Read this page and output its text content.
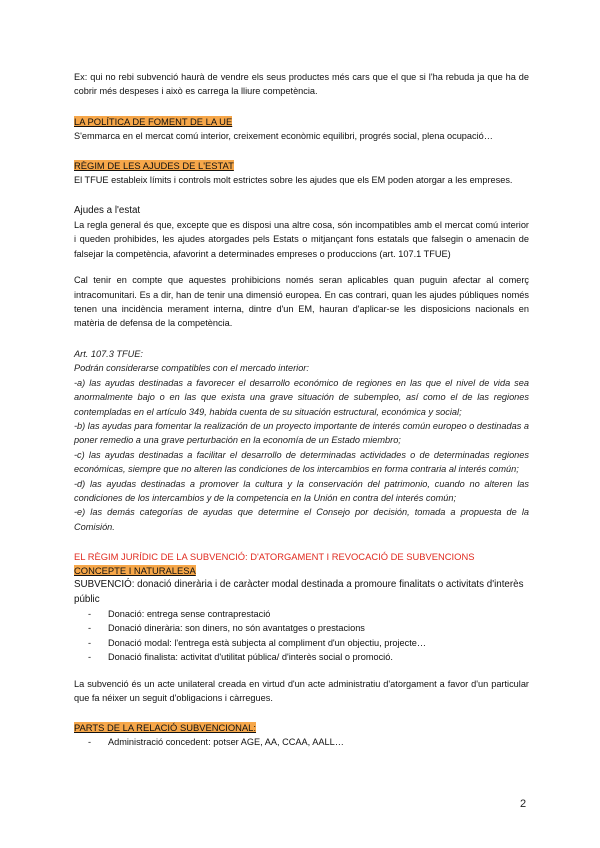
Ex: qui no rebi subvenció haurà de vendre els seus productes més cars que el que si l'ha rebuda ja que ha de cobrir més despeses i això es carrega la lliure competència.

LA POLÍTICA DE FOMENT DE LA UE

S'emmarca en el mercat comú interior, creixement econòmic equilibri, progrés social, plena ocupació…

RÈGIM DE LES AJUDES DE L'ESTAT

El TFUE estableix límits i controls molt estrictes sobre les ajudes que els EM poden atorgar a les empreses.

Ajudes a l'estat

La regla general és que, excepte que es disposi una altre cosa, són incompatibles amb el mercat comú interior i queden prohibides, les ajudes atorgades pels Estats o mitjançant fons estatals que falsegin o amenacin de falsejar la competència, afavorint a determinades empreses o produccions (art. 107.1 TFUE)

Cal tenir en compte que aquestes prohibicions només seran aplicables quan puguin afectar al comerç intracomunitari. Es a dir, han de tenir una dimensió europea. En cas contrari, quan les ajudes públiques només tenen una incidència merament interna, dintre d'un EM, hauran d'aplicar-se les disposicions nacionals en matèria de defensa de la competència.

Art. 107.3 TFUE:

Podrán considerarse compatibles con el mercado interior:

-a) las ayudas destinadas a favorecer el desarrollo económico de regiones en las que el nivel de vida sea anormalmente bajo o en las que exista una grave situación de subempleo, así como el de las regiones contempladas en el artículo 349, habida cuenta de su situación estructural, económica y social;

-b) las ayudas para fomentar la realización de un proyecto importante de interés común europeo o destinadas a poner remedio a una grave perturbación en la economía de un Estado miembro;

-c) las ayudas destinadas a facilitar el desarrollo de determinadas actividades o de determinadas regiones económicas, siempre que no alteren las condiciones de los intercambios en forma contraria al interés común;

-d) las ayudas destinadas a promover la cultura y la conservación del patrimonio, cuando no alteren las condiciones de los intercambios y de la competencia en la Unión en contra del interés común;

-e) las demás categorías de ayudas que determine el Consejo por decisión, tomada a propuesta de la Comisión.

EL RÈGIM JURÍDIC DE LA SUBVENCIÓ: D'ATORGAMENT I REVOCACIÓ DE SUBVENCIONS

CONCEPTE I NATURALESA

SUBVENCIÓ: donació dinerària i de caràcter modal destinada a promoure finalitats o activitats d'interès públic

- Donació: entrega sense contraprestació
- Donació dinerària: son diners, no són avantatges o prestacions
- Donació modal: l'entrega està subjecta al compliment d'un objectiu, projecte…
- Donació finalista: activitat d'utilitat pública/ d'interès social o promoció.

La subvenció és un acte unilateral creada en virtud d'un acte administratiu d'atorgament a favor d'un particular que fa néixer un seguit d'obligacions i càrregues.

PARTS DE LA RELACIÓ SUBVENCIONAL:

- Administració concedent: potser AGE, AA, CCAA, AALL…
2
